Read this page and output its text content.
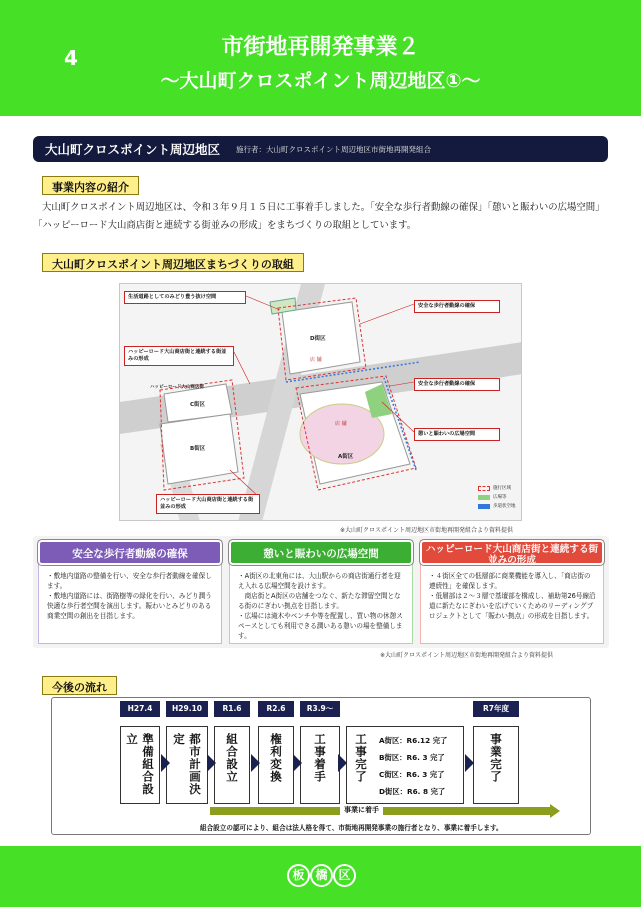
4	市街地再開発事業２
～大山町クロスポイント周辺地区①～
大山町クロスポイント周辺地区 施行者：大山町クロスポイント周辺地区市街地再開発組合
事業内容の紹介

大山町クロスポイント周辺地区は、令和３年９月１５日に工事着手しました。「安全な歩行者動線の確保」「憩いと賑わいの広場空間」「ハッピーロード大山商店街と連続する街並みの形成」をまちづくりの取組としています。

大山町クロスポイント周辺地区まちづくりの取組
生活道路としてのみどり豊う抜け空間
安全な歩行者動線の確保
ハッピーロード大山商店街と連続する街並みの形成
安全な歩行者動線の確保
憩いと賑わいの広場空間
ハッピーロード大山商店街と連続する街並みの形成
D街区
C街区
B街区
A街区
店 舗
店 舗
ハッピーロード大山商店街
施行区域
広場等
歩道状空地
※大山町クロスポイント周辺地区市街地再開発組合より資料提供
安全な歩行者動線の確保

・敷地内道路の整備を行い、安全な歩行者動線を確保します。

・敷地内道路には、街路樹等の緑化を行い、みどり潤う快適な歩行者空間を演出します。賑わいとみどりのある商業空間の創出を目指します。

憩いと賑わいの広場空間

・A街区の北東角には、大山駅からの商店街通行者を迎え入れる広場空間を設けます。

　商店街とA街区の店舗をつなぐ、新たな滞留空間となる街のにぎわい拠点を目指します。

・広場には滝木やベンチや等を配置し、買い物の休憩スペースとしても利用できる潤いある憩いの場を整備します。

ハッピーロード大山商店街と連続する街並みの形成

・４街区全ての低層部に商業機能を導入し、「商店街の連続性」を確保します。

・低層部は２～３層で基壇部を構成し、補助第26号線沿道に新たなにぎわいを広げていくためのリーディングプロジェクトとして「賑わい拠点」の形成を目指します。

※大山町クロスポイント周辺地区市街地再開発組合より資料提供
今後の流れ
H27.4	H29.10	R1.6	R2.6	R3.9～	R7年度
準備組合設立	都市計画決定	組合設立	権利変換	工事着手 工事完了	事業完了
A街区：R6.12 完了
B街区：R6. 3 完了
C街区：R6. 3 完了
D街区：R6. 8 完了
事業に着手
組合設立の認可により、組合は法人格を得て、市街地再開発事業の施行者となり、事業に着手します。
板 橋 区
